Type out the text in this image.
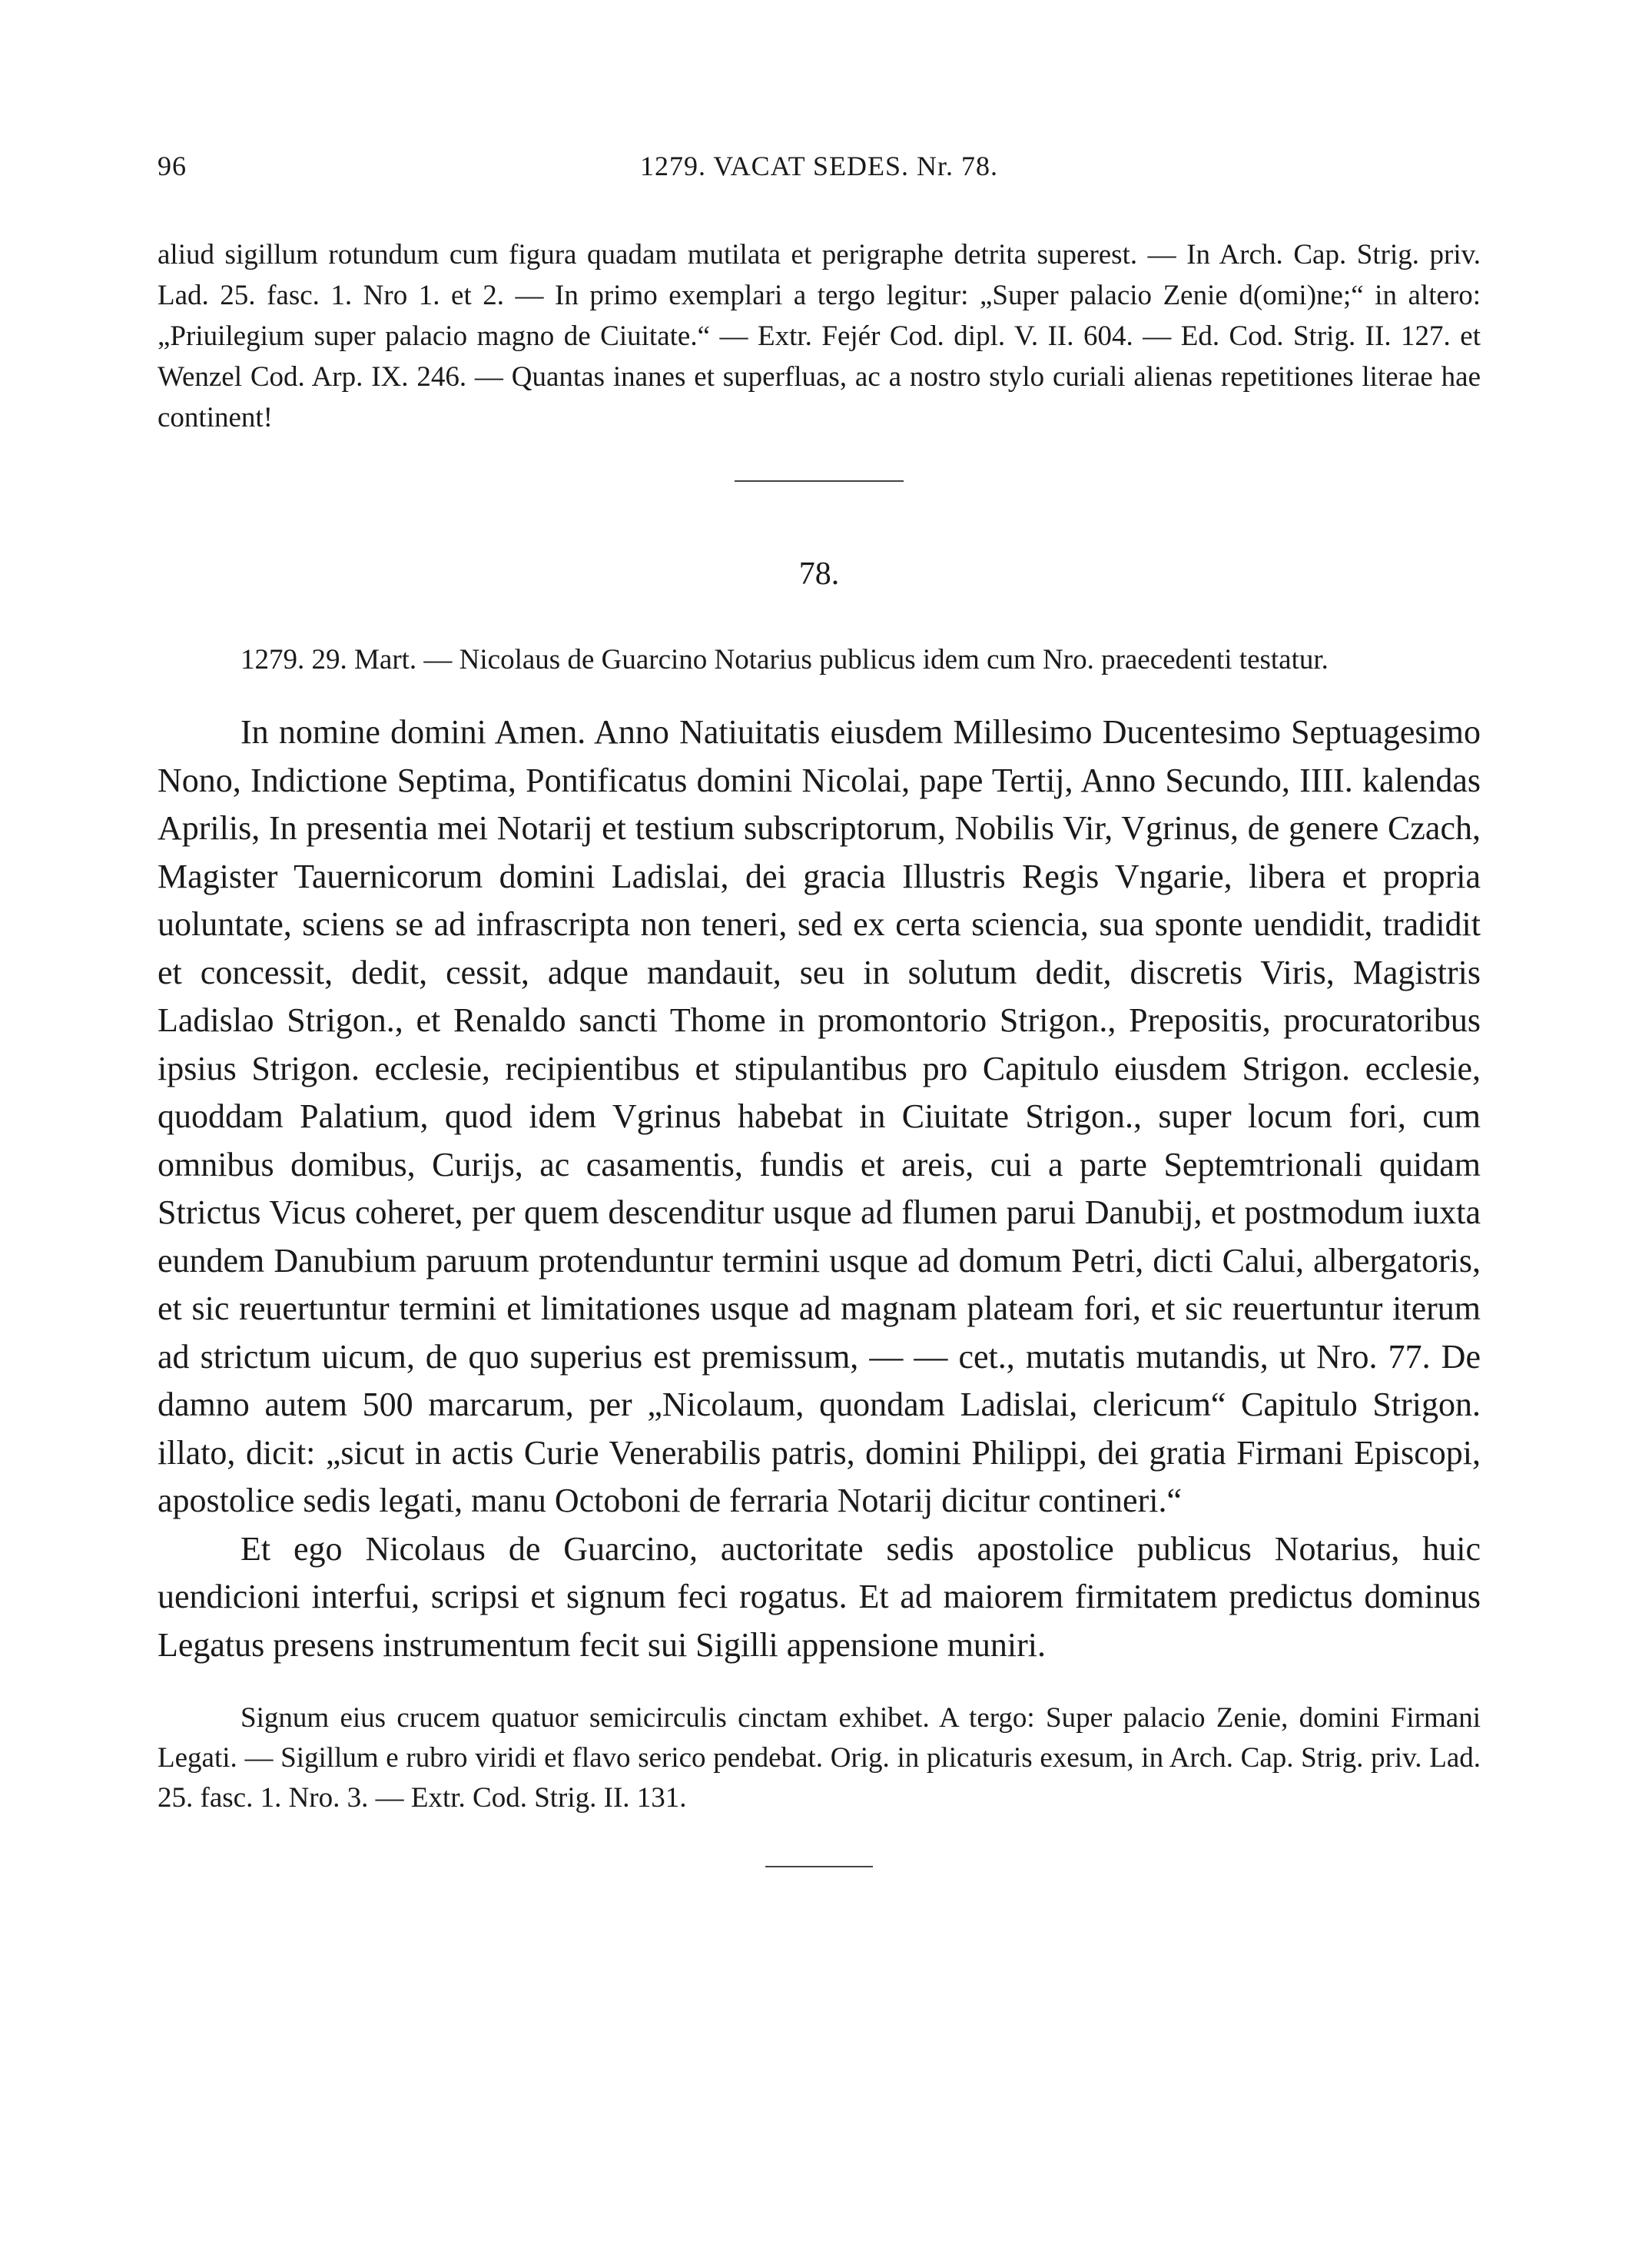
96	1279. VACAT SEDES. Nr. 78.

aliud sigillum rotundum cum figura quadam mutilata et perigraphe detrita superest. — In Arch. Cap. Strig. priv. Lad. 25. fasc. 1. Nro 1. et 2. — In primo exemplari a tergo legitur: „Super palacio Zenie d(omi)ne;“ in altero: „Priuilegium super palacio magno de Ciuitate.“ — Extr. Fejér Cod. dipl. V. II. 604. — Ed. Cod. Strig. II. 127. et Wenzel Cod. Arp. IX. 246. — Quantas inanes et superfluas, ac a nostro stylo curiali alienas repetitiones literae hae continent!

78.

1279. 29. Mart. — Nicolaus de Guarcino Notarius publicus idem cum Nro. praecedenti testatur.

In nomine domini Amen. Anno Natiuitatis eiusdem Millesimo Ducentesimo Septuagesimo Nono, Indictione Septima, Pontificatus domini Nicolai, pape Tertij, Anno Secundo, IIII. kalendas Aprilis, In presentia mei Notarij et testium subscriptorum, Nobilis Vir, Vgrinus, de genere Czach, Magister Tauernicorum domini Ladislai, dei gracia Illustris Regis Vngarie, libera et propria uoluntate, sciens se ad infrascripta non teneri, sed ex certa sciencia, sua sponte uendidit, tradidit et concessit, dedit, cessit, adque mandauit, seu in solutum dedit, discretis Viris, Magistris Ladislao Strigon., et Renaldo sancti Thome in promontorio Strigon., Prepositis, procuratoribus ipsius Strigon. ecclesie, recipientibus et stipulantibus pro Capitulo eiusdem Strigon. ecclesie, quoddam Palatium, quod idem Vgrinus habebat in Ciuitate Strigon., super locum fori, cum omnibus domibus, Curijs, ac casamentis, fundis et areis, cui a parte Septemtrionali quidam Strictus Vicus coheret, per quem descenditur usque ad flumen parui Danubij, et postmodum iuxta eundem Danubium paruum protenduntur termini usque ad domum Petri, dicti Calui, albergatoris, et sic reuertuntur termini et limitationes usque ad magnam plateam fori, et sic reuertuntur iterum ad strictum uicum, de quo superius est premissum, — — cet., mutatis mutandis, ut Nro. 77. De damno autem 500 marcarum, per „Nicolaum, quondam Ladislai, clericum“ Capitulo Strigon. illato, dicit: „sicut in actis Curie Venerabilis patris, domini Philippi, dei gratia Firmani Episcopi, apostolice sedis legati, manu Octoboni de ferraria Notarij dicitur contineri.“

Et ego Nicolaus de Guarcino, auctoritate sedis apostolice publicus Notarius, huic uendicioni interfui, scripsi et signum feci rogatus. Et ad maiorem firmitatem predictus dominus Legatus presens instrumentum fecit sui Sigilli appensione muniri.

Signum eius crucem quatuor semicirculis cinctam exhibet. A tergo: Super palacio Zenie, domini Firmani Legati. — Sigillum e rubro viridi et flavo serico pendebat. Orig. in plicaturis exesum, in Arch. Cap. Strig. priv. Lad. 25. fasc. 1. Nro. 3. — Extr. Cod. Strig. II. 131.
